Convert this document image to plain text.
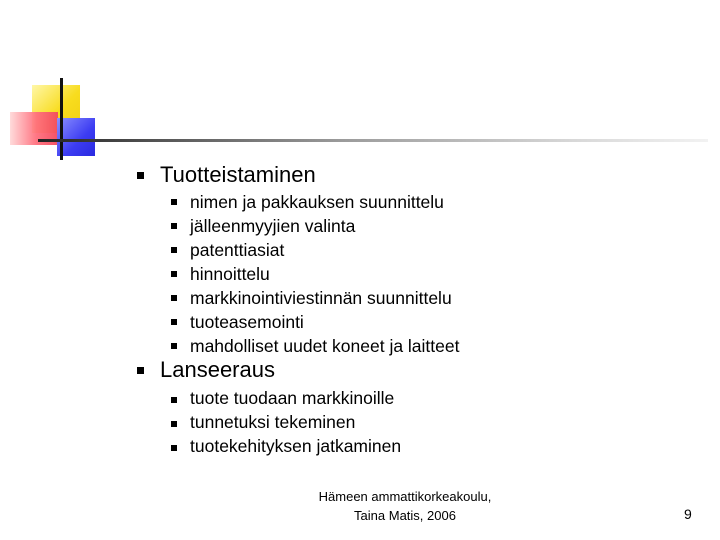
Tuotteistaminen
nimen ja pakkauksen suunnittelu
jälleenmyyjien valinta
patenttiasiat
hinnoittelu
markkinointiviestinnän suunnittelu
tuoteasemointi
mahdolliset uudet koneet ja laitteet
Lanseeraus
tuote tuodaan markkinoille
tunnetuksi tekeminen
tuotekehityksen jatkaminen
Hämeen ammattikorkeakoulu,
Taina Matis, 2006	9
